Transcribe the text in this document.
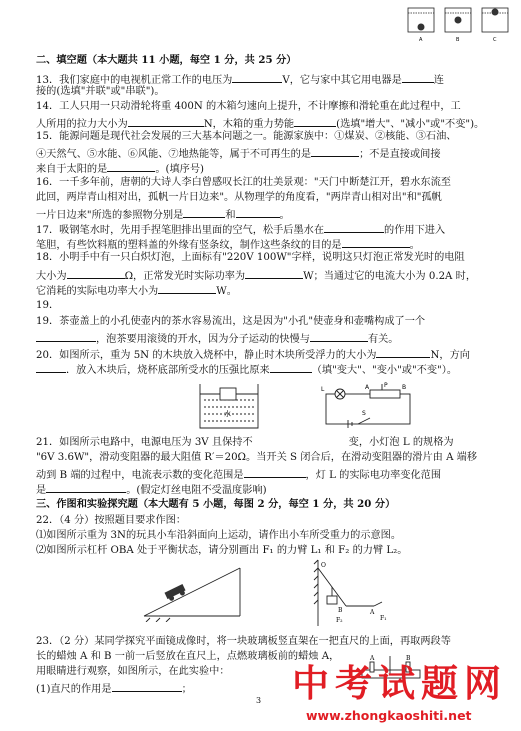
A	B	C
二、填空题（本大题共 11 小题，每空 1 分，共 25 分）
13．我们家庭中的电视机正常工作的电压为	V，它与家中其它用电器是	连
接的(选填"并联"或"串联")。
14．工人只用一只动滑轮将重 400N 的木箱匀速向上提升，不计摩擦和滑轮重在此过程中，工
人所用的拉力大小为	N，木箱的重力势能	(选填"增大"、"减小"或"不变")。
15．能源问题是现代社会发展的三大基本问题之一。能源家族中：①煤炭、②核能、③石油、
④天然气、⑤水能、⑥风能、⑦地热能等，属于不可再生的是	；不是直接或间接
来自于太阳的是	。(填序号)
16．一千多年前，唐朝的大诗人李白曾感叹长江的壮美景观："天门中断楚江开，碧水东流至
此回，两岸青山相对出，孤帆一片日边来"。从物理学的角度看，"两岸青山相对出"和"孤帆
一片日边来"所选的参照物分别是	和	。
17．吸钢笔水时，先用手捏笔胆排出里面的空气，松手后墨水在	的作用下进入
笔胆，有些饮料瓶的塑料盖的外缘有竖条纹，制作这些条纹的目的是	。
18．小明手中有一只白炽灯泡，上面标有"220V 100W"字样，说明这只灯泡正常发光时的电阻
大小为	Ω，正常发光时实际功率为	W；当通过它的电流大小为 0.2A 时，
它消耗的实际电功率大小为	W。
19．
19．茶壶盖上的小孔使壶内的茶水容易流出，这是因为"小孔"使壶身和壶嘴构成了一个
，泡茶要用滚烫的开水，因为分子运动的快慢与	有关。
20．如图所示，重为 5N 的木块放入烧杯中，静止时木块所受浮力的大小为	N，方向
．放入木块后，烧杯底部所受水的压强比原来	（填"变大"、"变小"或"不变"）。
水
L
S
A	B
P
21．如图所示电路中，电源电压为 3V 且保持不	变，小灯泡 L 的规格为
"6V 3.6W"，滑动变阻器的最大阻值 R′＝20Ω。当开关 S 闭合后，在滑动变阻器的滑片由 A 端移
动到 B 端的过程中，电流表示数的变化范围是	，灯 L 的实际电功率变化范围
是	。(假定灯丝电阻不受温度影响)
三、作图和实验探究题（本大题有 5 小题，每图 2 分，每空 1 分，共 20 分）
22．（4 分）按照题目要求作图：
⑴如图所示重为 3N的玩具小车沿斜面向上运动，请作出小车所受重力的示意图。
⑵如图所示杠杆 OBA 处于平衡状态，请分别画出 F₁ 的力臂 L₁ 和 F₂ 的力臂 L₂。
O
B	A
F₁
F₂
23．（2 分）某同学探究平面镜成像时，将一块玻璃板竖直架在一把直尺的上面，再取两段等
长的蜡烛 A 和 B 一前一后竖放在直尺上，点燃玻璃板前的蜡烛 A，
用眼睛进行观察，如图所示，在此实验中：
(1)直尺的作用是	；
A	B
3 中考试题网
www.zhongkaoshiti.net
